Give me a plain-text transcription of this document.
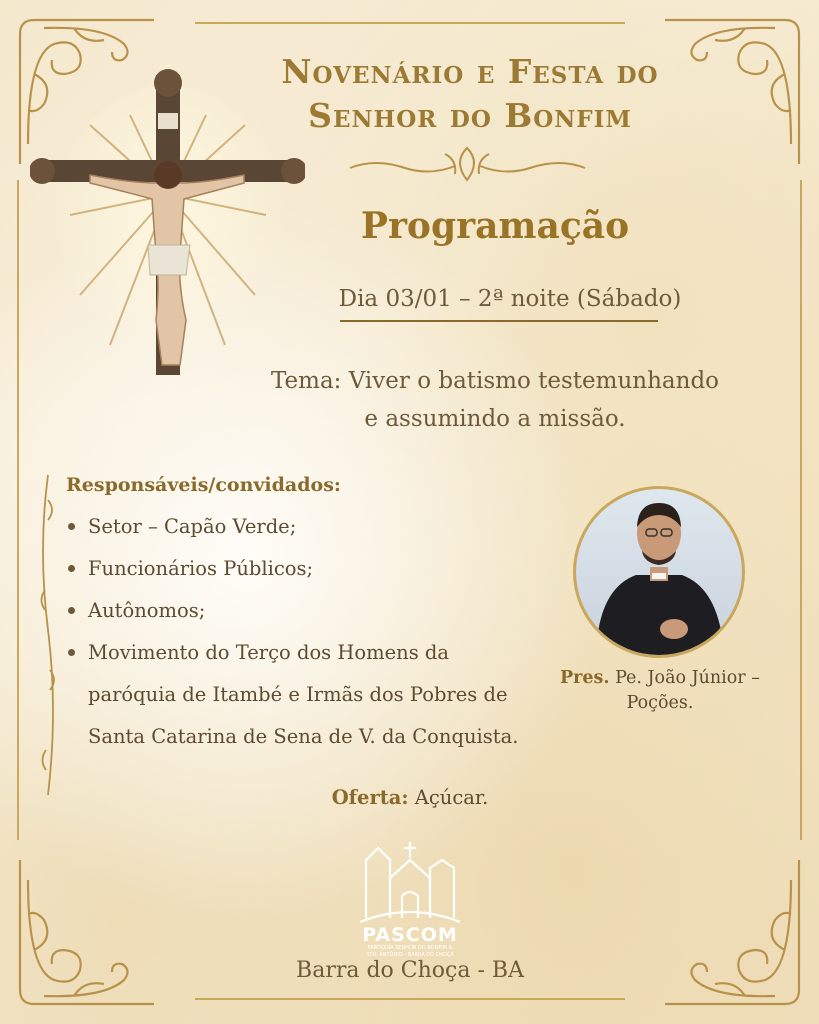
Novenário e Festa do
Senhor do Bonfim
Programação
Dia 03/01 – 2ª noite (Sábado)
Tema: Viver o batismo testemunhando
e assumindo a missão.
Responsáveis/convidados:
Setor – Capão Verde;
Funcionários Públicos;
Autônomos;
Movimento do Terço dos Homens da paróquia de Itambé e Irmãs dos Pobres de Santa Catarina de Sena de V. da Conquista.
Oferta: Açúcar.
Pres. Pe. João Júnior –
Poções.
PASCOM
PARÓQUIA SENHOR DO BONFIM &
STO. ANTÔNIO - BARRA DO CHOÇA
Barra do Choça - BA
